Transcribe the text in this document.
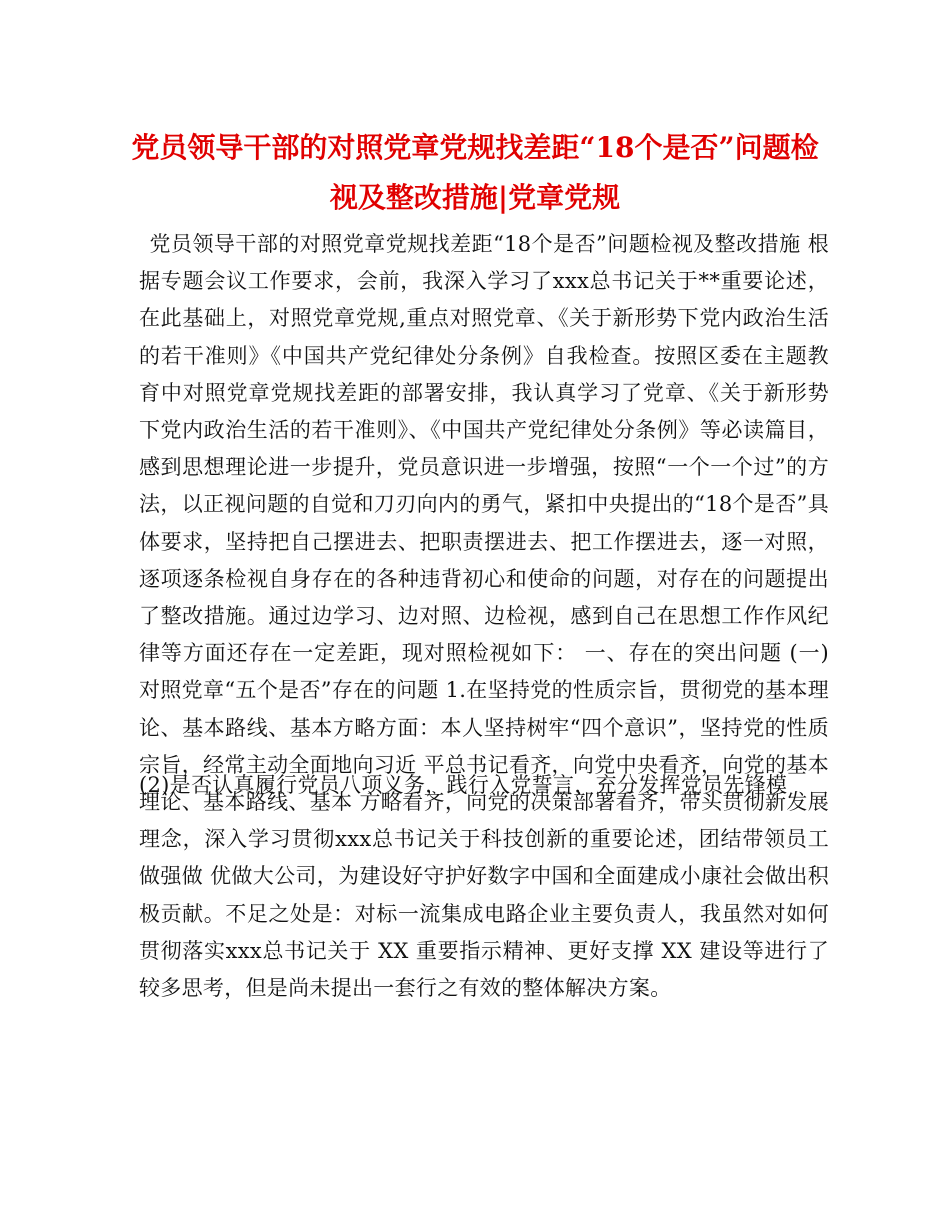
党员领导干部的对照党章党规找差距“18个是否”问题检视及整改措施|党章党规

党员领导干部的对照党章党规找差距“18个是否”问题检视及整改措施 根据专题会议工作要求，会前，我深入学习了xxx总书记关于**重要论述，在此基础上，对照党章党规,重点对照党章、《关于新形势下党内政治生活的若干准则》《中国共产党纪律处分条例》自我检查。按照区委在主题教育中对照党章党规找差距的部署安排，我认真学习了党章、《关于新形势下党内政治生活的若干准则》、《中国共产党纪律处分条例》等必读篇目，感到思想理论进一步提升，党员意识进一步增强，按照“一个一个过”的方法，以正视问题的自觉和刀刃向内的勇气，紧扣中央提出的“18个是否”具体要求，坚持把自己摆进去、把职责摆进去、把工作摆进去，逐一对照，逐项逐条检视自身存在的各种违背初心和使命的问题，对存在的问题提出了整改措施。通过边学习、边对照、边检视，感到自己在思想工作作风纪律等方面还存在一定差距，现对照检视如下： 一、存在的突出问题 (一)对照党章“五个是否”存在的问题 1.在坚持党的性质宗旨，贯彻党的基本理论、基本路线、基本方略方面：本人坚持树牢“四个意识”，坚持党的性质宗旨，经常主动全面地向习近 平总书记看齐，向党中央看齐，向党的基本理论、基本路线、基本 方略看齐，向党的决策部署看齐，带头贯彻新发展理念，深入学习贯彻xxx总书记关于科技创新的重要论述，团结带领员工做强做 优做大公司，为建设好守护好数字中国和全面建成小康社会做出积 极贡献。不足之处是：对标一流集成电路企业主要负责人，我虽然对如何贯彻落实xxx总书记关于 XX 重要指示精神、更好支撑 XX 建设等进行了较多思考，但是尚未提出一套行之有效的整体解决方案。

(2)是否认真履行党员八项义务，践行入党誓言，充分发挥党员先锋模
